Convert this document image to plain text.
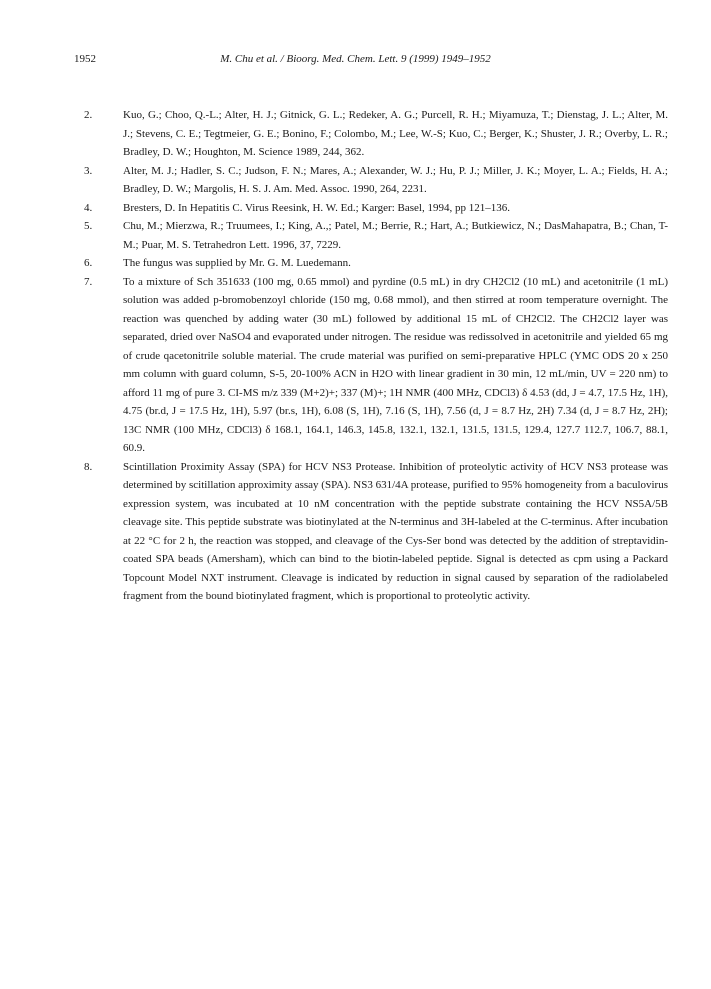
1952	M. Chu et al. / Bioorg. Med. Chem. Lett. 9 (1999) 1949–1952
2.	Kuo, G.; Choo, Q.-L.; Alter, H. J.; Gitnick, G. L.; Redeker, A. G.; Purcell, R. H.; Miyamuza, T.; Dienstag, J. L.; Alter, M. J.; Stevens, C. E.; Tegtmeier, G. E.; Bonino, F.; Colombo, M.; Lee, W.-S; Kuo, C.; Berger, K.; Shuster, J. R.; Overby, L. R.; Bradley, D. W.; Houghton, M. Science 1989, 244, 362.
3.	Alter, M. J.; Hadler, S. C.; Judson, F. N.; Mares, A.; Alexander, W. J.; Hu, P. J.; Miller, J. K.; Moyer, L. A.; Fields, H. A.; Bradley, D. W.; Margolis, H. S. J. Am. Med. Assoc. 1990, 264, 2231.
4.	Bresters, D. In Hepatitis C. Virus Reesink, H. W. Ed.; Karger: Basel, 1994, pp 121–136.
5.	Chu, M.; Mierzwa, R.; Truumees, I.; King, A.,; Patel, M.; Berrie, R.; Hart, A.; Butkiewicz, N.; DasMahapatra, B.; Chan, T-M.; Puar, M. S. Tetrahedron Lett. 1996, 37, 7229.
6.	The fungus was supplied by Mr. G. M. Luedemann.
7.	To a mixture of Sch 351633 (100 mg, 0.65 mmol) and pyrdine (0.5 mL) in dry CH2Cl2 (10 mL) and acetonitrile (1 mL) solution was added p-bromobenzoyl chloride (150 mg, 0.68 mmol), and then stirred at room temperature overnight. The reaction was quenched by adding water (30 mL) followed by additional 15 mL of CH2Cl2. The CH2Cl2 layer was separated, dried over NaSO4 and evaporated under nitrogen. The residue was redissolved in acetonitrile and yielded 65 mg of crude qacetonitrile soluble material. The crude material was purified on semi-preparative HPLC (YMC ODS 20 x 250 mm column with guard column, S-5, 20-100% ACN in H2O with linear gradient in 30 min, 12 mL/min, UV = 220 nm) to afford 11 mg of pure 3. CI-MS m/z 339 (M+2)+; 337 (M)+; 1H NMR (400 MHz, CDCl3) δ 4.53 (dd, J = 4.7, 17.5 Hz, 1H), 4.75 (br.d, J = 17.5 Hz, 1H), 5.97 (br.s, 1H), 6.08 (S, 1H), 7.16 (S, 1H), 7.56 (d, J = 8.7 Hz, 2H) 7.34 (d, J = 8.7 Hz, 2H); 13C NMR (100 MHz, CDCl3) δ 168.1, 164.1, 146.3, 145.8, 132.1, 132.1, 131.5, 131.5, 129.4, 127.7 112.7, 106.7, 88.1, 60.9.
8.	Scintillation Proximity Assay (SPA) for HCV NS3 Protease. Inhibition of proteolytic activity of HCV NS3 protease was determined by scitillation approximity assay (SPA). NS3 631/4A protease, purified to 95% homogeneity from a baculovirus expression system, was incubated at 10 nM concentration with the peptide substrate containing the HCV NS5A/5B cleavage site. This peptide substrate was biotinylated at the N-terminus and 3H-labeled at the C-terminus. After incubation at 22 °C for 2 h, the reaction was stopped, and cleavage of the Cys-Ser bond was detected by the addition of streptavidin-coated SPA beads (Amersham), which can bind to the biotin-labeled peptide. Signal is detected as cpm using a Packard Topcount Model NXT instrument. Cleavage is indicated by reduction in signal caused by separation of the radiolabeled fragment from the bound biotinylated fragment, which is proportional to proteolytic activity.
